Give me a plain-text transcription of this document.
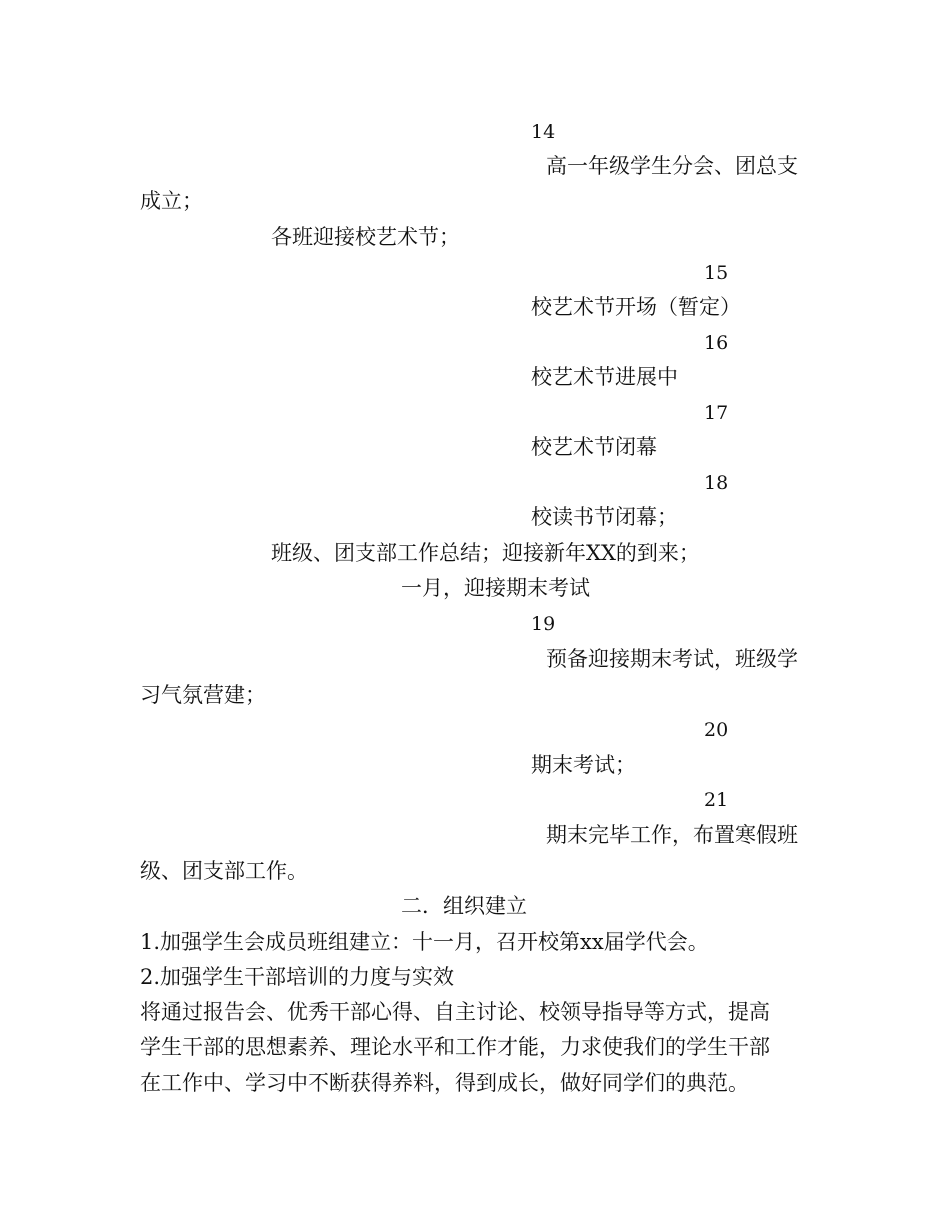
14
高一年级学生分会、团总支
成立；
各班迎接校艺术节；
15
校艺术节开场（暂定）
16
校艺术节进展中
17
校艺术节闭幕
18
校读书节闭幕；
班级、团支部工作总结；迎接新年XX的到来；
一月，迎接期末考试
19
预备迎接期末考试，班级学
习气氛营建；
20
期末考试；
21
期末完毕工作，布置寒假班
级、团支部工作。
二．组织建立
1.加强学生会成员班组建立：十一月，召开校第xx届学代会。
2.加强学生干部培训的力度与实效
将通过报告会、优秀干部心得、自主讨论、校领导指导等方式，提高
学生干部的思想素养、理论水平和工作才能，力求使我们的学生干部
在工作中、学习中不断获得养料，得到成长，做好同学们的典范。
